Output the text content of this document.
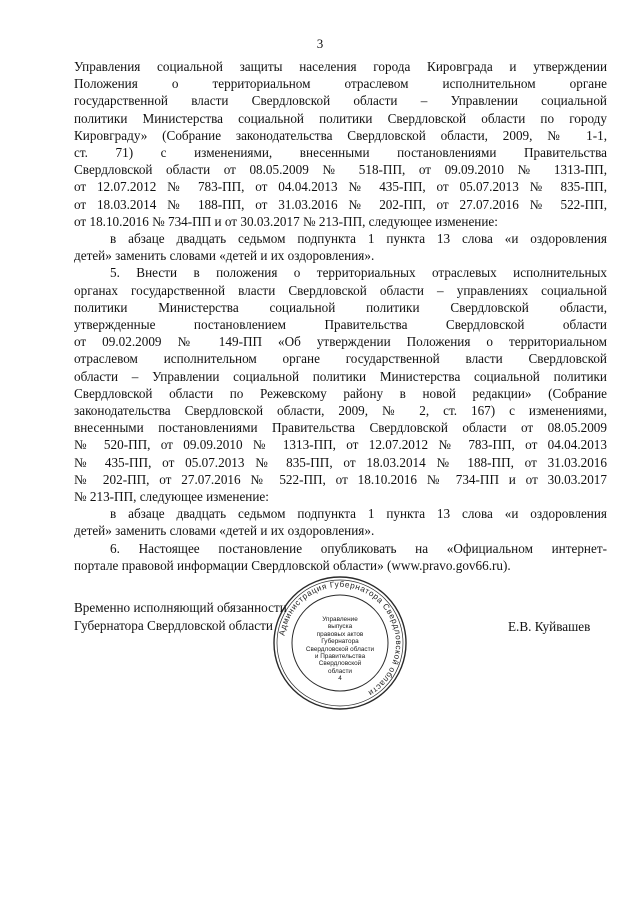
3
Управления социальной защиты населения города Кировграда и утверждении
Положения о территориальном отраслевом исполнительном органе
государственной власти Свердловской области – Управлении социальной
политики Министерства социальной политики Свердловской области по городу
Кировграду» (Собрание законодательства Свердловской области, 2009, № 1-1,
ст. 71) с изменениями, внесенными постановлениями Правительства
Свердловской области от 08.05.2009 № 518-ПП, от 09.09.2010 № 1313-ПП,
от 12.07.2012 № 783-ПП, от 04.04.2013 № 435-ПП, от 05.07.2013 № 835-ПП,
от 18.03.2014 № 188-ПП, от 31.03.2016 № 202-ПП, от 27.07.2016 № 522-ПП,
от 18.10.2016 № 734-ПП и от 30.03.2017 № 213-ПП, следующее изменение:
в абзаце двадцать седьмом подпункта 1 пункта 13 слова «и оздоровления
детей» заменить словами «детей и их оздоровления».
5. Внести в положения о территориальных отраслевых исполнительных
органах государственной власти Свердловской области – управлениях социальной
политики Министерства социальной политики Свердловской области,
утвержденные постановлением Правительства Свердловской области
от 09.02.2009 № 149-ПП «Об утверждении Положения о территориальном
отраслевом исполнительном органе государственной власти Свердловской
области – Управлении социальной политики Министерства социальной политики
Свердловской области по Режевскому району в новой редакции» (Собрание
законодательства Свердловской области, 2009, № 2, ст. 167) с изменениями,
внесенными постановлениями Правительства Свердловской области от 08.05.2009
№ 520-ПП, от 09.09.2010 № 1313-ПП, от 12.07.2012 № 783-ПП, от 04.04.2013
№ 435-ПП, от 05.07.2013 № 835-ПП, от 18.03.2014 № 188-ПП, от 31.03.2016
№ 202-ПП, от 27.07.2016 № 522-ПП, от 18.10.2016 № 734-ПП и от 30.03.2017
№ 213-ПП, следующее изменение:
в абзаце двадцать седьмом подпункта 1 пункта 13 слова «и оздоровления
детей» заменить словами «детей и их оздоровления».
6. Настоящее постановление опубликовать на «Официальном интернет-
портале правовой информации Свердловской области» (www.pravo.gov66.ru).
Администрация Губернатора Свердловской области
Управление
выпуска
правовых актов
Губернатора
Свердловской области
и Правительства
Свердловской
области
4
Временно исполняющий обязанности
Губернатора Свердловской области	Е.В. Куйвашев
